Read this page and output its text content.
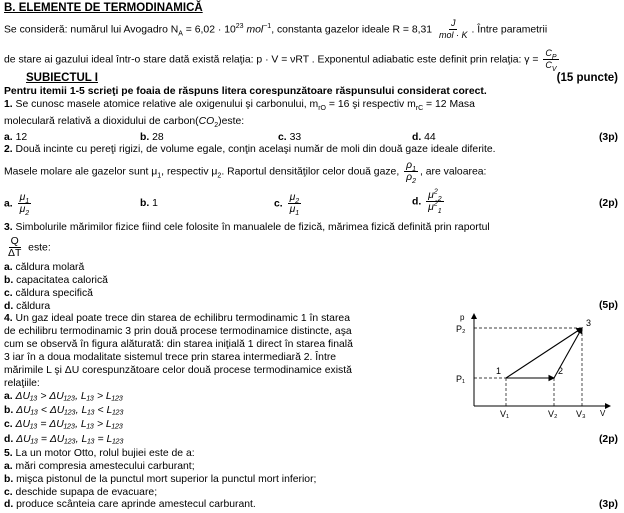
B. ELEMENTE DE TERMODINAMICĂ
Se consideră: numărul lui Avogadro $N_A = 6,02 \cdot 10^{23}$ mol$^{-1}$, constanta gazelor ideale $R = 8,31 \frac{J}{\text{mol · K}}$ . Între parametrii
de stare ai gazului ideal într-o stare dată există relaţia: p · V = νRT . Exponentul adiabatic este definit prin relaţia: $\gamma = \frac{C_P}{C_V}$
SUBIECTUL I	(15 puncte)
Pentru itemii 1-5 scrieţi pe foaia de răspuns litera corespunzătoare răspunsului considerat corect.
1. Se cunosc masele atomice relative ale oxigenului şi carbonului, $m_{rO} = 16$ şi respectiv $m_{rC} = 12$ Masa
moleculară relativă a dioxidului de $carbon(CO_2)este$:
a. 12	b. 28	c. 33	d. 44	(3p)
2. Două incinte cu pereţi rigizi, de volume egale, conţin acelaşi număr de moli din două gaze ideale diferite.
Masele molare ale gazelor sunt $\mu_1$, respectiv $\mu_2$. Raportul densităţilor celor două gaze, $\frac{\rho_1}{\rho_2}$ , are valoarea:
a. $\frac{\mu_1}{\mu_2}$	b. 1	c. $\frac{\mu_2}{\mu_1}$	d. $\frac{\mu^2_2}{\mu^2_1}$	(2p)
3. Simbolurile mărimilor fizice fiind cele folosite în manualele de fizică, mărimea fizică definită prin raportul
$\frac{Q}{\Delta T}$ este:
a. căldura molară
b. capacitatea calorică
c. căldura specifică
d. căldura	(5p)
4. Un gaz ideal poate trece din starea de echilibru termodinamic 1 în starea
de echilibru termodinamic 3 prin două procese termodinamice distincte, aşa
cum se observă în figura alăturată: din starea iniţială 1 direct în starea finală
3 iar în a doua modalitate sistemul trece prin starea intermediară 2. Între
mărimile L şi ΔU corespunzătoare celor două procese termodinamice există
relaţiile:
a. ΔU₁₃ > ΔU₁₂₃, L₁₃ > L₁₂₃
b. ΔU₁₃ < ΔU₁₂₃, L₁₃ < L₁₂₃
c. ΔU₁₃ = ΔU₁₂₃, L₁₃ > L₁₂₃
d. ΔU₁₃ = ΔU₁₂₃, L₁₃ = L₁₂₃	(2p)
p
V
P₂
P₁
V₁	V₂ V₃
1	2
3
5. La un motor Otto, rolul bujiei este de a:
a. mări compresia amestecului carburant;
b. mişca pistonul de la punctul mort superior la punctul mort inferior;
c. deschide supapa de evacuare;
d. produce scânteia care aprinde amestecul carburant.	(3p)
